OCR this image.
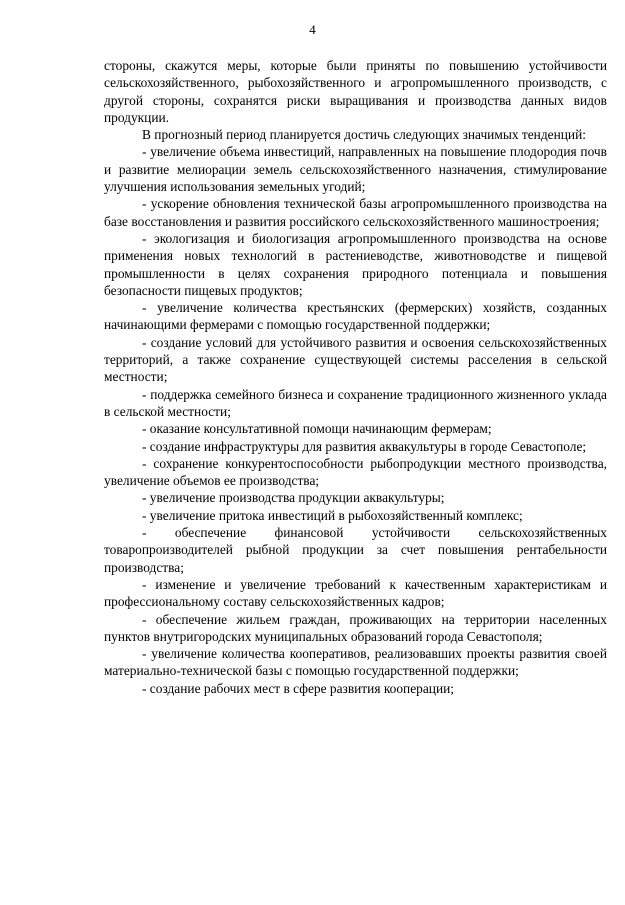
4

стороны, скажутся меры, которые были приняты по повышению устойчивости сельскохозяйственного, рыбохозяйственного и агропромышленного производств, с другой стороны, сохранятся риски выращивания и производства данных видов продукции.

В прогнозный период планируется достичь следующих значимых тенденций:

- увеличение объема инвестиций, направленных на повышение плодородия почв и развитие мелиорации земель сельскохозяйственного назначения, стимулирование улучшения использования земельных угодий;

- ускорение обновления технической базы агропромышленного производства на базе восстановления и развития российского сельскохозяйственного машиностроения;

- экологизация и биологизация агропромышленного производства на основе применения новых технологий в растениеводстве, животноводстве и пищевой промышленности в целях сохранения природного потенциала и повышения безопасности пищевых продуктов;

- увеличение количества крестьянских (фермерских) хозяйств, созданных начинающими фермерами с помощью государственной поддержки;

- создание условий для устойчивого развития и освоения сельскохозяйственных территорий, а также сохранение существующей системы расселения в сельской местности;

- поддержка семейного бизнеса и сохранение традиционного жизненного уклада в сельской местности;

- оказание консультативной помощи начинающим фермерам;

- создание инфраструктуры для развития аквакультуры в городе Севастополе;

- сохранение конкурентоспособности рыбопродукции местного производства, увеличение объемов ее производства;

- увеличение производства продукции аквакультуры;

- увеличение притока инвестиций в рыбохозяйственный комплекс;

- обеспечение финансовой устойчивости сельскохозяйственных товаропроизводителей рыбной продукции за счет повышения рентабельности производства;

- изменение и увеличение требований к качественным характеристикам и профессиональному составу сельскохозяйственных кадров;

- обеспечение жильем граждан, проживающих на территории населенных пунктов внутригородских муниципальных образований города Севастополя;

- увеличение количества кооперативов, реализовавших проекты развития своей материально-технической базы с помощью государственной поддержки;

- создание рабочих мест в сфере развития кооперации;
